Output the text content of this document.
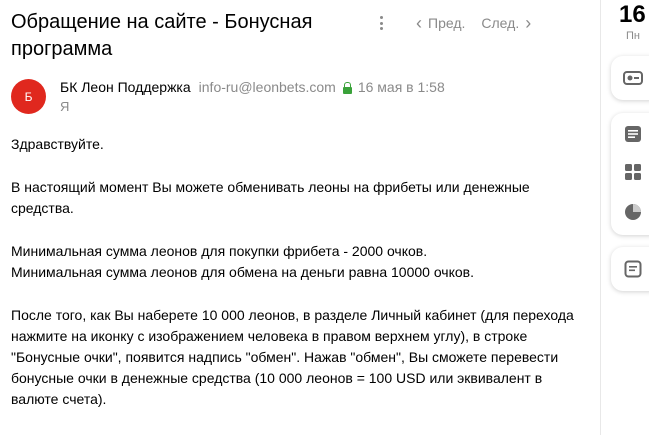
Обращение на сайте - Бонусная программа
‹ Пред. След. ›
Б
БК Леон Поддержка info-ru@leonbets.com 16 мая в 1:58
Я

Здравствуйте.

В настоящий момент Вы можете обменивать леоны на фрибеты или денежные средства.

Минимальная сумма леонов для покупки фрибета - 2000 очков.

Минимальная сумма леонов для обмена на деньги равна 10000 очков.

После того, как Вы наберете 10 000 леонов, в разделе Личный кабинет (для перехода нажмите на иконку с изображением человека в правом верхнем углу), в строке "Бонусные очки", появится надпись "обмен". Нажав "обмен", Вы сможете перевести бонусные очки в денежные средства (10 000 леонов = 100 USD или эквивалент в валюте счета).

16
Пн
